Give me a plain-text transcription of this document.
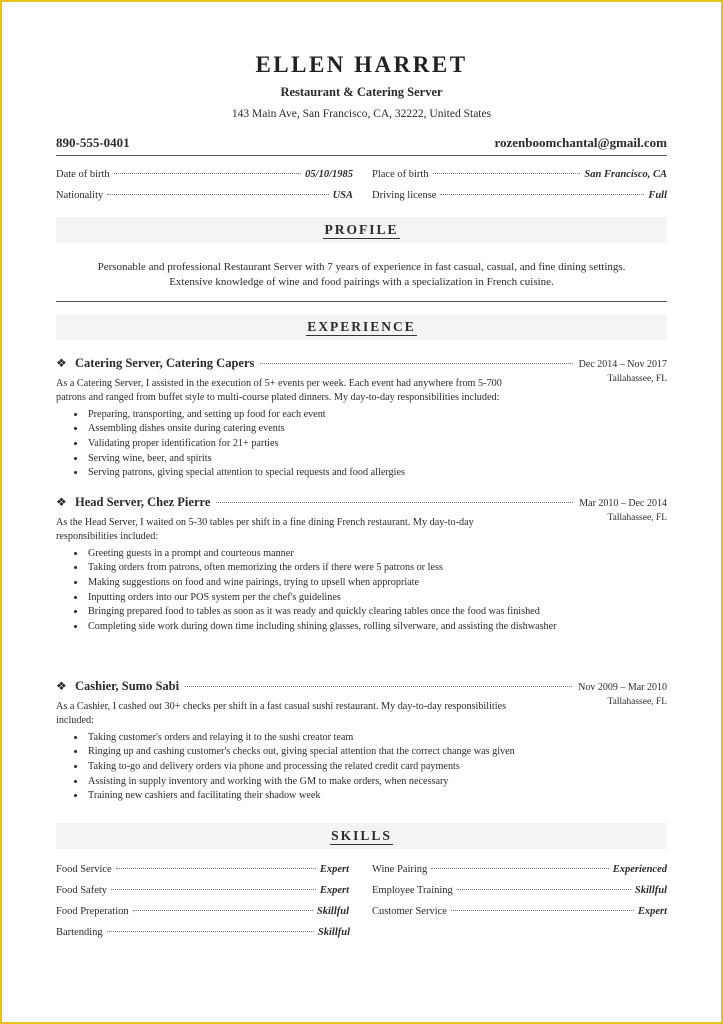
ELLEN HARRET
Restaurant & Catering Server
143 Main Ave, San Francisco, CA, 32222, United States
890-555-0401	rozenboomchantal@gmail.com
Date of birth	05/10/1985 Place of birth	San Francisco, CA
Nationality	USA Driving license	Full
PROFILE
Personable and professional Restaurant Server with 7 years of experience in fast casual, casual, and fine dining settings.
Extensive knowledge of wine and food pairings with a specialization in French cuisine.
EXPERIENCE
❖ Catering Server, Catering Capers	Dec 2014 – Nov 2017
Tallahassee, FL
As a Catering Server, I assisted in the execution of 5+ events per week. Each event had anywhere from 5-700 patrons and ranged from buffet style to multi-course plated dinners. My day-to-day responsibilities included:
• Preparing, transporting, and setting up food for each event
• Assembling dishes onsite during catering events
• Validating proper identification for 21+ parties
• Serving wine, beer, and spirits
• Serving patrons, giving special attention to special requests and food allergies
❖ Head Server, Chez Pierre	Mar 2010 – Dec 2014
Tallahassee, FL
As the Head Server, I waited on 5-30 tables per shift in a fine dining French restaurant. My day-to-day responsibilities included:
• Greeting guests in a prompt and courteous manner
• Taking orders from patrons, often memorizing the orders if there were 5 patrons or less
• Making suggestions on food and wine pairings, trying to upsell when appropriate
• Inputting orders into our POS system per the chef's guidelines
• Bringing prepared food to tables as soon as it was ready and quickly clearing tables once the food was finished
• Completing side work during down time including shining glasses, rolling silverware, and assisting the dishwasher
❖ Cashier, Sumo Sabi	Nov 2009 – Mar 2010
Tallahassee, FL
As a Cashier, I cashed out 30+ checks per shift in a fast casual sushi restaurant. My day-to-day responsibilities included:
• Taking customer's orders and relaying it to the sushi creator team
• Ringing up and cashing customer's checks out, giving special attention that the correct change was given
• Taking to-go and delivery orders via phone and processing the related credit card payments
• Assisting in supply inventory and working with the GM to make orders, when necessary
• Training new cashiers and facilitating their shadow week
SKILLS
Food Service	Expert Wine Pairing	Experienced
Food Safety	Expert Employee Training	Skillful
Food Preperation	Skillful Customer Service	Expert
Bartending	Skillful
